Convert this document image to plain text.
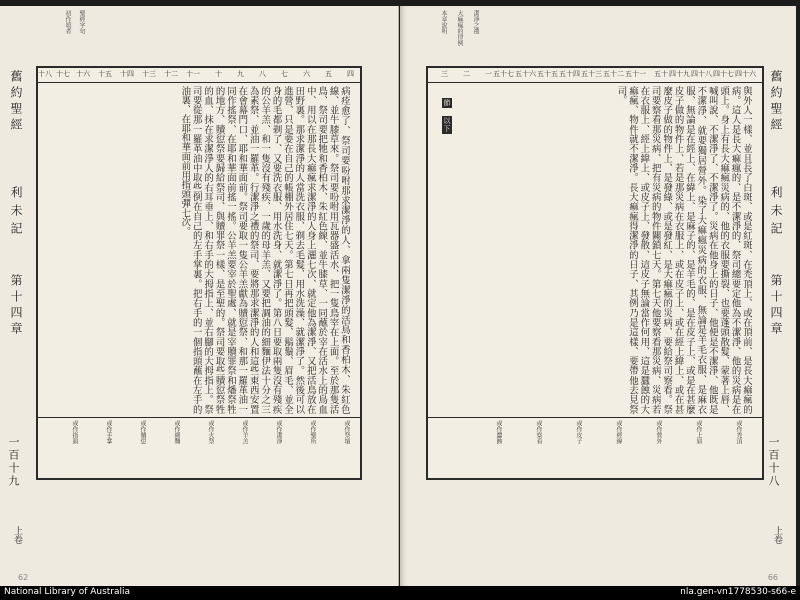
舊約聖經
利未記
第十四章
一百十九
上卷
初作頌者 聖經字句
四
五
六
七
八
九
十
十一
十二
十三
十四
十五
十六
十七
十八
病痊愈了、祭司要吩咐那求潔淨的人、拿兩隻潔淨的活鳥和香柏木、朱紅色線、並牛膝草來。祭司要吩咐用瓦器盛活水、把一隻鳥宰在上面。至於那隻活鳥、祭司要把牠和香柏木、朱紅色線、並牛膝草、一同蘸於宰在活水上的鳥血中、用以在那長大痲瘋求潔淨的人身上灑七次、就定他為潔淨、又把活鳥放在田野裏。那求潔淨的人當洗衣服、剃去毛髮、用水洗澡、就潔淨了。然後可以進營、只是要在自己的帳棚外居住七天。第七日再把頭髮、鬍鬚、眉毛、並全身的毛都剃了、又要洗衣服、用水洗身、就潔淨了。第八日要取兩隻沒有殘疾的公羊羔、和一隻沒有殘疾、一歲的母羊羔、又要把調油的細麵伊法十分之三為素祭、並油一羅革。行潔淨之禮的祭司、要將那求潔淨的人和這些東西安置在會幕門口、耶和華面前。祭司要取一隻公羊羔獻為贖愆祭、和那一羅革油一同作搖祭、在耶和華面前搖一搖。公羊羔要宰於聖處、就是宰贖罪祭和燔祭牲的地方、贖愆祭要歸給祭司、與贖罪祭一樣、是至聖的。祭司要取些贖愆祭牲的血、抹在求潔淨人的右耳垂上、和右手的大拇指上、並右腳的大拇指上。祭司要從那一羅革油中取些倒在自己的左手掌裏。把右手的一個指頭蘸在左手的油裏、在耶和華面前用指頭彈七次。
或作祭壇
或作聖所
或作潔淨
或作羊羔
或作火祭
或作細麵
或作贖愆
或作手掌
或作指頭
62
本章說明 大痲瘋的律例 潔淨之禮
四十六
四十七
四十八
四十九
五十
五十一
五十二
五十三
五十四
五十五
五十六
五十七
一
二
三
與外人一樣、並且長了白斑、或是紅斑、在禿頂上、或在頂前、是長大痲瘋的病。這人是長大痲瘋的、是不潔淨的、祭司總要定他為不潔淨、他的災病是在頭上。身上有長大痲瘋災病的、他的衣服要撕裂、也要蓬頭散髮、蒙著上唇、喊叫說、不潔淨了、不潔淨了。災病在他身上的日子、他便是不潔淨、他既是不潔淨、就要獨居營外。染了大痲瘋災病的衣服、無論是羊毛衣服、是麻衣服、無論是在經上、在緯上、是麻子的、是羊毛的、是在皮子上、或是在甚麼皮子做的物件上、若是那災病在衣服上、或在皮子上、或在經上緯上、或在甚麼皮子做的物件上、是發綠、或是發紅、是大痲瘋的災病、要給祭司察看。祭司要察看那災病、把有災病的物件關鎖七天。第七天他要察看那災病、災病若在衣服上、經上緯上、或皮子上、發散、這皮子無論當作何用、這是蠶蝕的大痲瘋、物件就不潔淨。長大痲瘋得潔淨的日子、其例乃是這樣、要帶他去見祭司。
節
以下
或作禿頂
或作上唇
或作營外
或作經緯
或作皮子
或作察看
或作蠶蝕
舊約聖經
利未記
第十四章
一百十八
上卷
66
National Library of Australia	nla.gen-vn1778530-s66-e
